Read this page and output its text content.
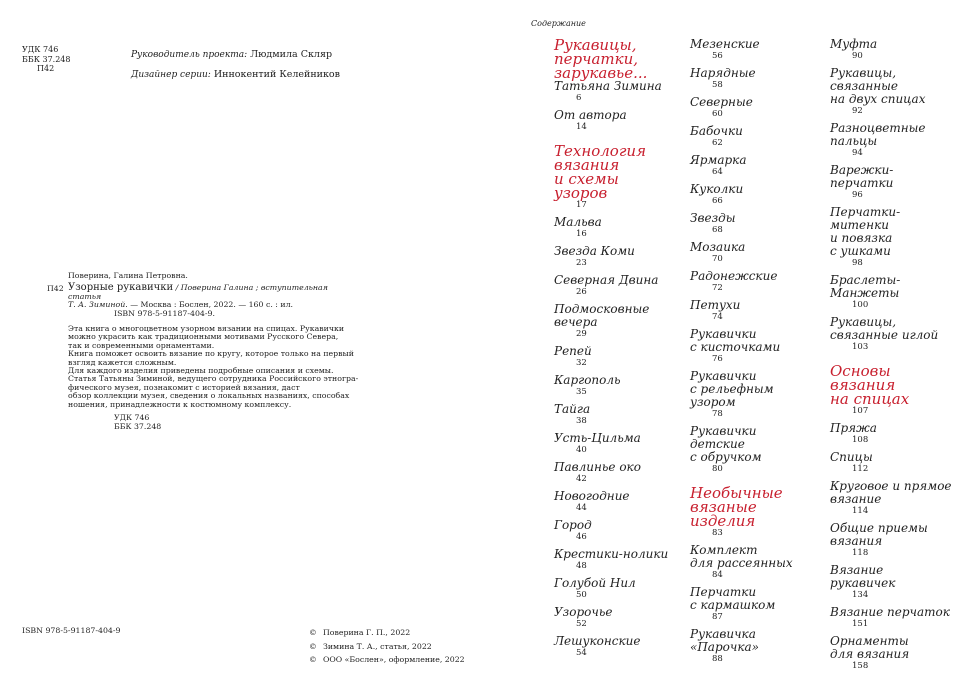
УДК 746
ББК 37.248
П42
Руководитель проекта: Людмила Скляр
Дизайнер серии: Иннокентий Келейников
Поверина, Галина Петровна.
П42 Узорные рукавички / Поверина Галина ; вступительная статья
Т. А. Зиминой. — Москва : Бослен, 2022. — 160 с. : ил.
ISBN 978-5-91187-404-9.
Эта книга о многоцветном узорном вязании на спицах. Рукавички
можно украсить как традиционными мотивами Русского Севера,
так и современными орнаментами.
Книга поможет освоить вязание по кругу, которое только на первый
взгляд кажется сложным.
Для каждого изделия приведены подробные описания и схемы.
Статья Татьяны Зиминой, ведущего сотрудника Российского этногра-
фического музея, познакомит с историей вязания, даст
обзор коллекции музея, сведения о локальных названиях, способах
ношения, принадлежности к костюмному комплексу.
УДК 746
ББК 37.248
ISBN 978-5-91187-404-9	© Поверина Г. П., 2022
© Зимина Т. А., статья, 2022
© ООО «Бослен», оформление, 2022
Содержание
Рукавицы,
перчатки,
зарукавье...
Татьяна Зимина
6
От автора
14
Технология
вязания
и схемы узоров
17
Мальва
16
Звезда Коми
23
Северная Двина
26
Подмосковные
вечера
29
Репей
32
Каргополь
35
Тайга
38
Усть-Цильма
40
Павлинье око
42
Новогодние
44
Город
46
Крестики-нолики
48
Голубой Нил
50
Узорочье
52
Лешуконские
54
Мезенские
56
Нарядные
58
Северные
60
Бабочки
62
Ярмарка
64
Куколки
66
Звезды
68
Мозаика
70
Радонежские
72
Петухи
74
Рукавички
с кисточками
76
Рукавички
с рельефным
узором
78
Рукавички детские
с обручком
80
Необычные
вязаные
изделия
83
Комплект
для рассеянных
84
Перчатки
с кармашком
87
Рукавичка
«Парочка»
88
Муфта
90
Рукавицы,
связанные
на двух спицах
92
Разноцветные
пальцы
94
Варежки-
перчатки
96
Перчатки-
митенки
и повязка
с ушками
98
Браслеты-
Манжеты
100
Рукавицы,
связанные иглой
103
Основы
вязания
на спицах
107
Пряжа
108
Спицы
112
Круговое и прямое
вязание
114
Общие приемы
вязания
118
Вязание рукавичек
134
Вязание перчаток
151
Орнаменты
для вязания
158
